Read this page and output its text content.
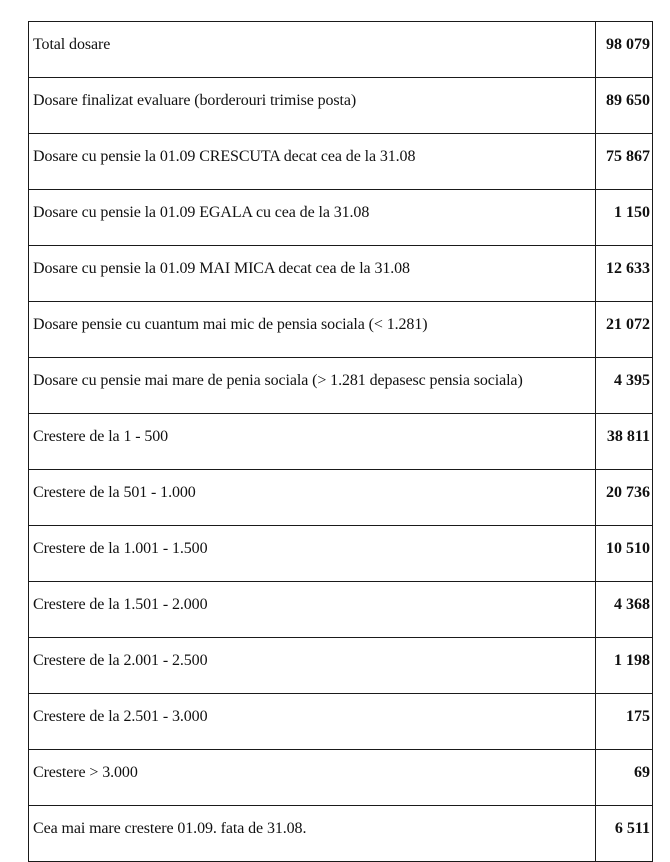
Total dosare	98 079
Dosare finalizat evaluare (borderouri trimise posta)	89 650
Dosare cu pensie la 01.09 CRESCUTA decat cea de la 31.08	75 867
Dosare cu pensie la 01.09 EGALA cu cea de la 31.08	1 150
Dosare cu pensie la 01.09 MAI MICA decat cea de la 31.08	12 633
Dosare pensie cu cuantum mai mic de pensia sociala (< 1.281)	21 072
Dosare cu pensie mai mare de penia sociala (> 1.281 depasesc pensia sociala)	4 395
Crestere de la 1 - 500	38 811
Crestere de la 501 - 1.000	20 736
Crestere de la 1.001 - 1.500	10 510
Crestere de la 1.501 - 2.000	4 368
Crestere de la 2.001 - 2.500	1 198
Crestere de la 2.501 - 3.000	175
Crestere > 3.000	69
Cea mai mare crestere 01.09. fata de 31.08.	6 511
